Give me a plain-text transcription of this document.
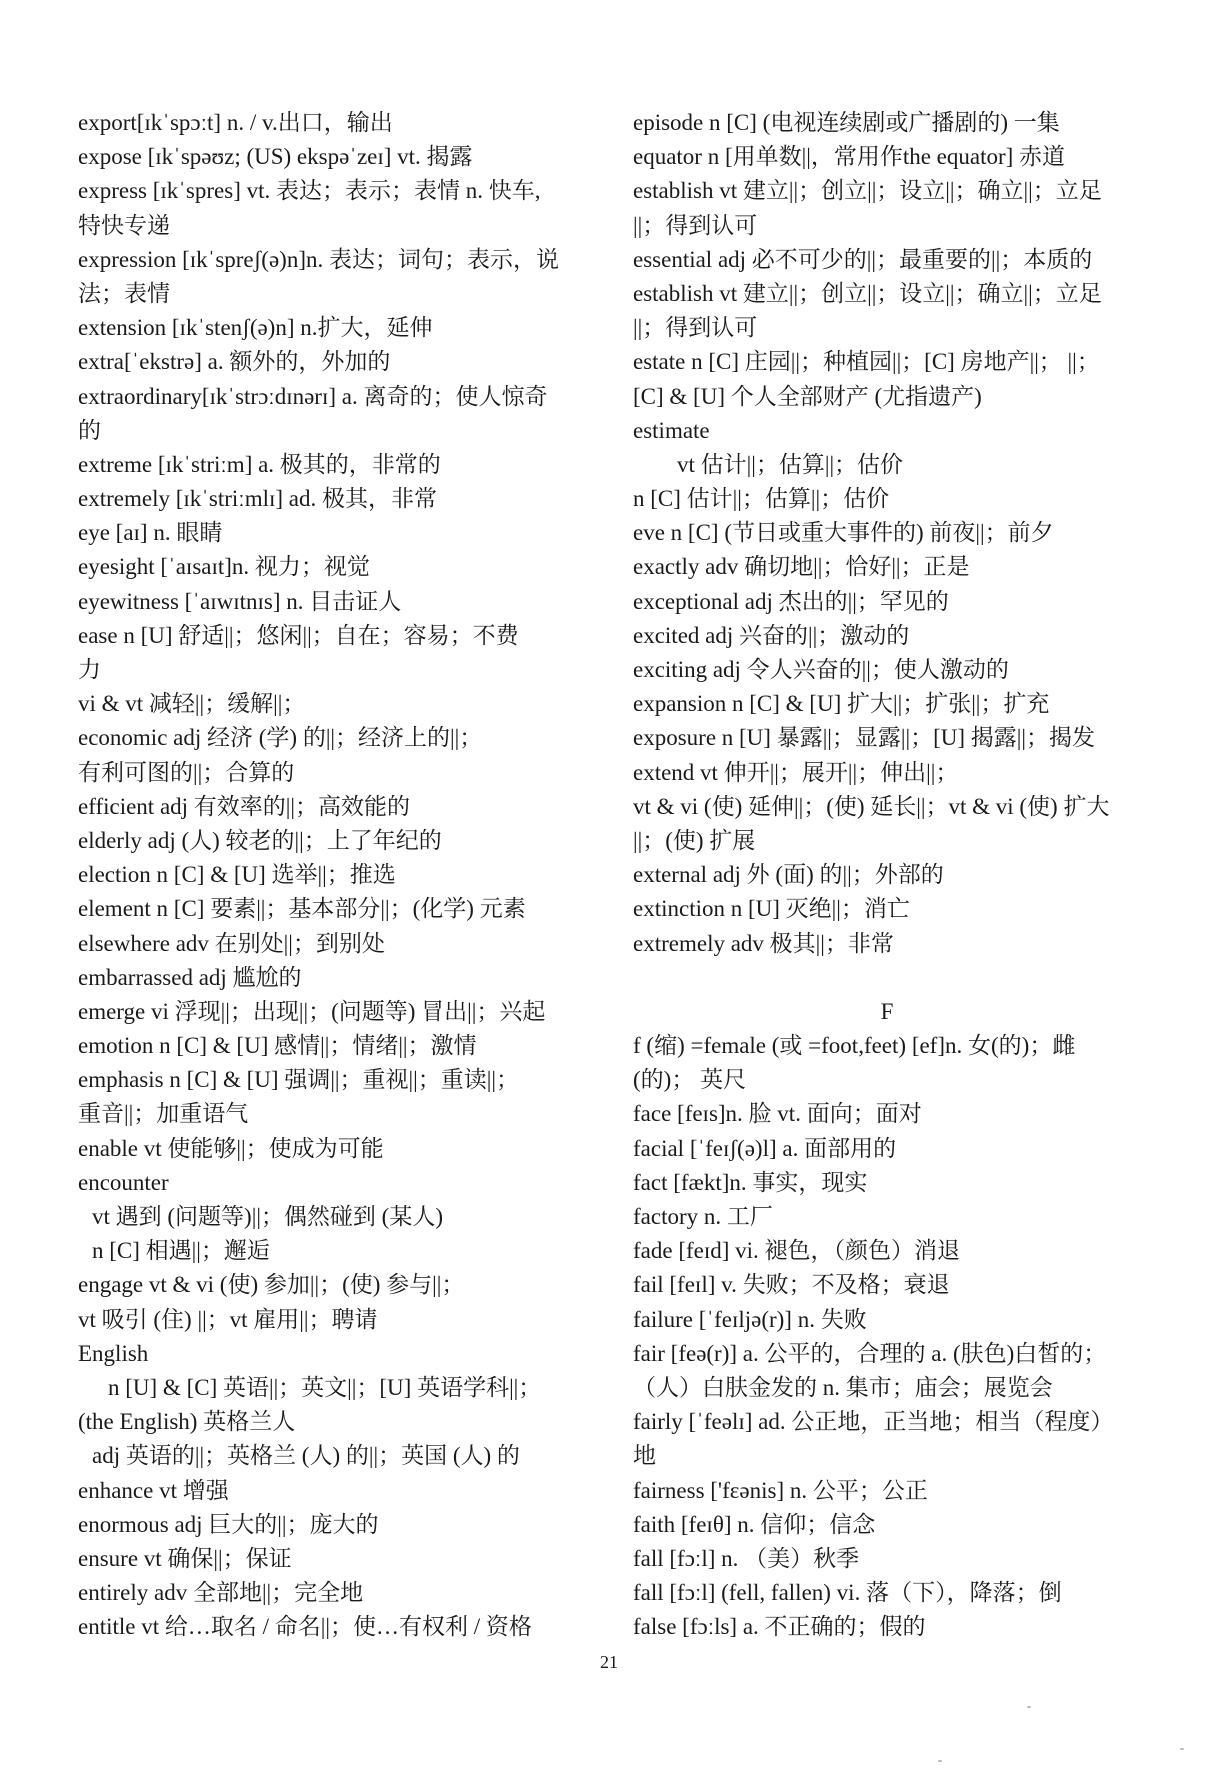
export[ɪkˈspɔːt] n. / v.出口，输出
expose [ɪkˈspəʊz; (US) ekspəˈzeɪ] vt. 揭露
express [ɪkˈspres] vt. 表达；表示；表情 n. 快车,
特快专递
expression [ɪkˈspreʃ(ə)n]n. 表达；词句；表示，说
法；表情
extension [ɪkˈstenʃ(ə)n] n.扩大，延伸
extra[ˈekstrə] a. 额外的，外加的
extraordinary[ɪkˈstrɔːdɪnərɪ] a. 离奇的；使人惊奇
的
extreme [ɪkˈstriːm] a. 极其的，非常的
extremely [ɪkˈstriːmlɪ] ad. 极其，非常
eye [aɪ] n. 眼睛
eyesight [ˈaɪsaɪt]n. 视力；视觉
eyewitness [ˈaɪwɪtnɪs] n. 目击证人
ease n [U] 舒适||；悠闲||；自在；容易；不费
力
vi & vt 减轻||；缓解||；
economic adj 经济 (学) 的||；经济上的||；
有利可图的||；合算的
efficient adj 有效率的||；高效能的
elderly adj (人) 较老的||；上了年纪的
election n [C] & [U] 选举||；推选
element n [C] 要素||；基本部分||；(化学) 元素
elsewhere adv 在别处||；到别处
embarrassed adj 尴尬的
emerge vi 浮现||；出现||；(问题等) 冒出||；兴起
emotion n [C] & [U] 感情||；情绪||；激情
emphasis n [C] & [U] 强调||；重视||；重读||；
重音||；加重语气
enable vt 使能够||；使成为可能
encounter
vt 遇到 (问题等)||；偶然碰到 (某人)
n [C] 相遇||；邂逅
engage vt & vi (使) 参加||；(使) 参与||；
vt 吸引 (住) ||；vt 雇用||；聘请
English
n [U] & [C] 英语||；英文||；[U] 英语学科||；
(the English) 英格兰人
adj 英语的||；英格兰 (人) 的||；英国 (人) 的
enhance vt 增强
enormous adj 巨大的||；庞大的
ensure vt 确保||；保证
entirely adv 全部地||；完全地
entitle vt 给…取名 / 命名||；使…有权利 / 资格
episode n [C] (电视连续剧或广播剧的) 一集
equator n [用单数||，常用作the equator] 赤道
establish vt 建立||；创立||；设立||；确立||；立足
||；得到认可
essential adj 必不可少的||；最重要的||；本质的
establish vt 建立||；创立||；设立||；确立||；立足
||；得到认可
estate n [C] 庄园||；种植园||；[C] 房地产||； ||；
[C] & [U] 个人全部财产 (尤指遗产)
estimate
vt 估计||；估算||；估价
n [C] 估计||；估算||；估价
eve n [C] (节日或重大事件的) 前夜||；前夕
exactly adv 确切地||；恰好||；正是
exceptional adj 杰出的||；罕见的
excited adj 兴奋的||；激动的
exciting adj 令人兴奋的||；使人激动的
expansion n [C] & [U] 扩大||；扩张||；扩充
exposure n [U] 暴露||；显露||；[U] 揭露||；揭发
extend vt 伸开||；展开||；伸出||；
vt & vi (使) 延伸||；(使) 延长||；vt & vi (使) 扩大
||；(使) 扩展
external adj 外 (面) 的||；外部的
extinction n [U] 灭绝||；消亡
extremely adv 极其||；非常
F
f (缩) =female (或 =foot,feet) [ef]n. 女(的)；雌
(的)； 英尺
face [feɪs]n. 脸 vt. 面向；面对
facial [ˈfeɪʃ(ə)l] a. 面部用的
fact [fækt]n. 事实，现实
factory n. 工厂
fade [feɪd] vi. 褪色，（颜色）消退
fail [feɪl] v. 失败；不及格；衰退
failure [ˈfeɪljə(r)] n. 失败
fair [feə(r)] a. 公平的，合理的 a. (肤色)白皙的；
（人）白肤金发的 n. 集市；庙会；展览会
fairly [ˈfeəlɪ] ad. 公正地，正当地；相当（程度）
地
fairness ['fɛənis] n. 公平；公正
faith [feɪθ] n. 信仰；信念
fall [fɔːl] n. （美）秋季
fall [fɔːl] (fell, fallen) vi. 落（下），降落；倒
false [fɔːls] a. 不正确的；假的
21
